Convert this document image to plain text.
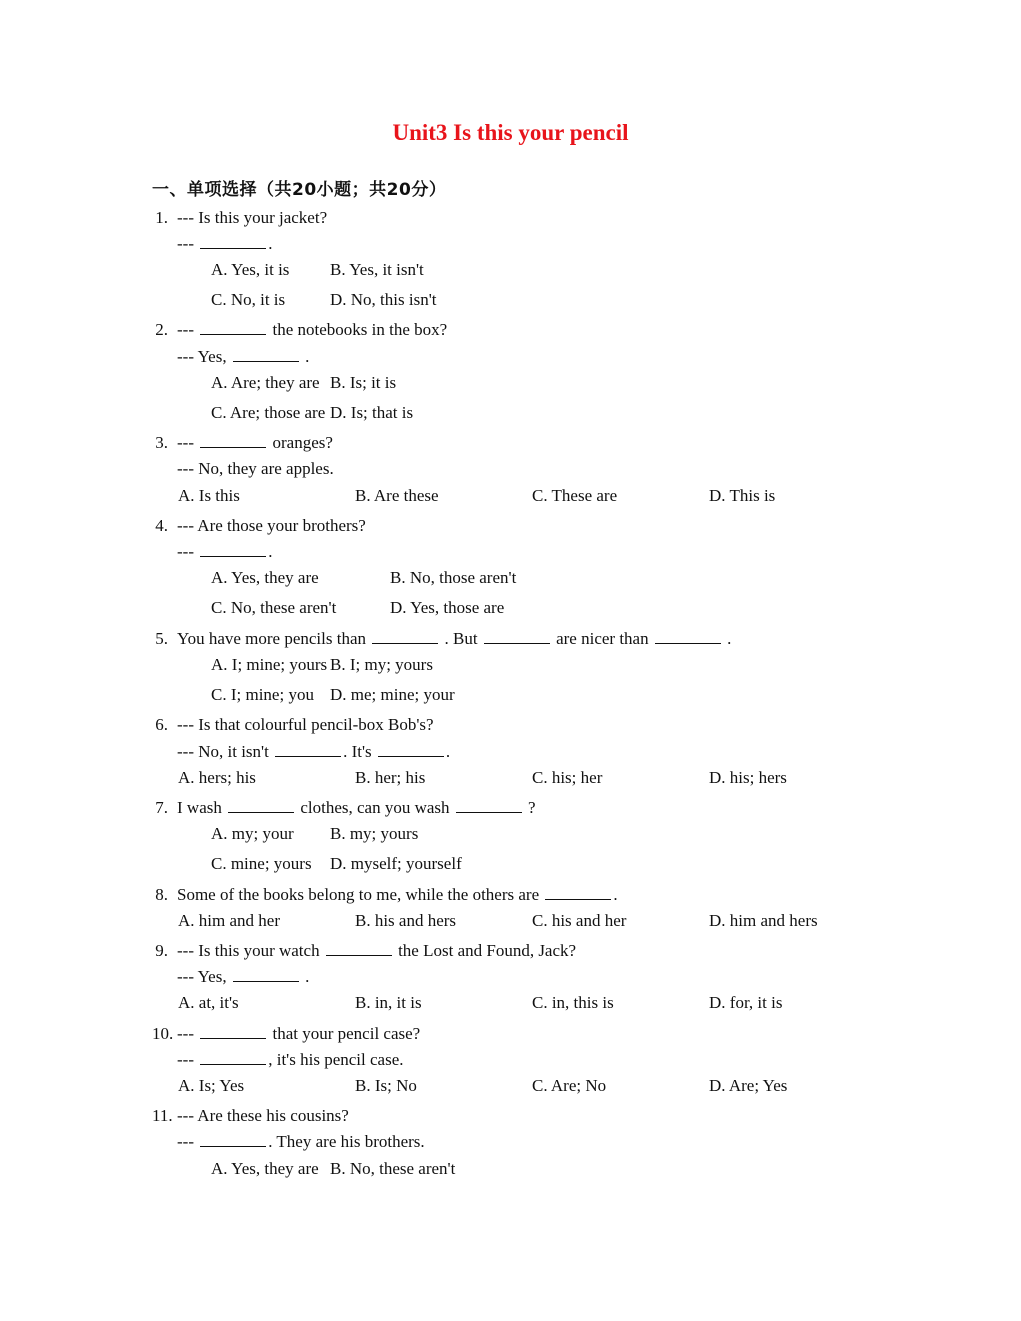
Unit3 Is this your pencil
一、单项选择（共20小题；共20分）
1. --- Is this your jacket?
---	.
A. Yes, it is B. Yes, it isn't
C. No, it is	D. No, this isn't
2. ---	the notebooks in the box?
--- Yes,	.
A. Are; they are B. Is; it is
C. Are; those are D. Is; that is
3. ---	oranges?
--- No, they are apples.
A. Is this	B. Are these	C. These are	D. This is
4. --- Are those your brothers?
---	.
A. Yes, they are	B. No, those aren't
C. No, these aren't	D. Yes, those are
5. You have more pencils than	. But	are nicer than	.
A. I; mine; yours B. I; my; yours
C. I; mine; you D. me; mine; your
6. --- Is that colourful pencil-box Bob's?
--- No, it isn't	. It's	.
A. hers; his	B. her; his	C. his; her	D. his; hers
7. I wash	clothes, can you wash	?
A. my; your B. my; yours
C. mine; yours D. myself; yourself
8. Some of the books belong to me, while the others are	.
A. him and her	B. his and hers	C. his and her	D. him and hers
9. --- Is this your watch	the Lost and Found, Jack?
--- Yes,	.
A. at, it's	B. in, it is	C. in, this is	D. for, it is
10. ---	that your pencil case?
---	, it's his pencil case.
A. Is; Yes	B. Is; No	C. Are; No	D. Are; Yes
11. --- Are these his cousins?
---	. They are his brothers.
A. Yes, they are B. No, these aren't
